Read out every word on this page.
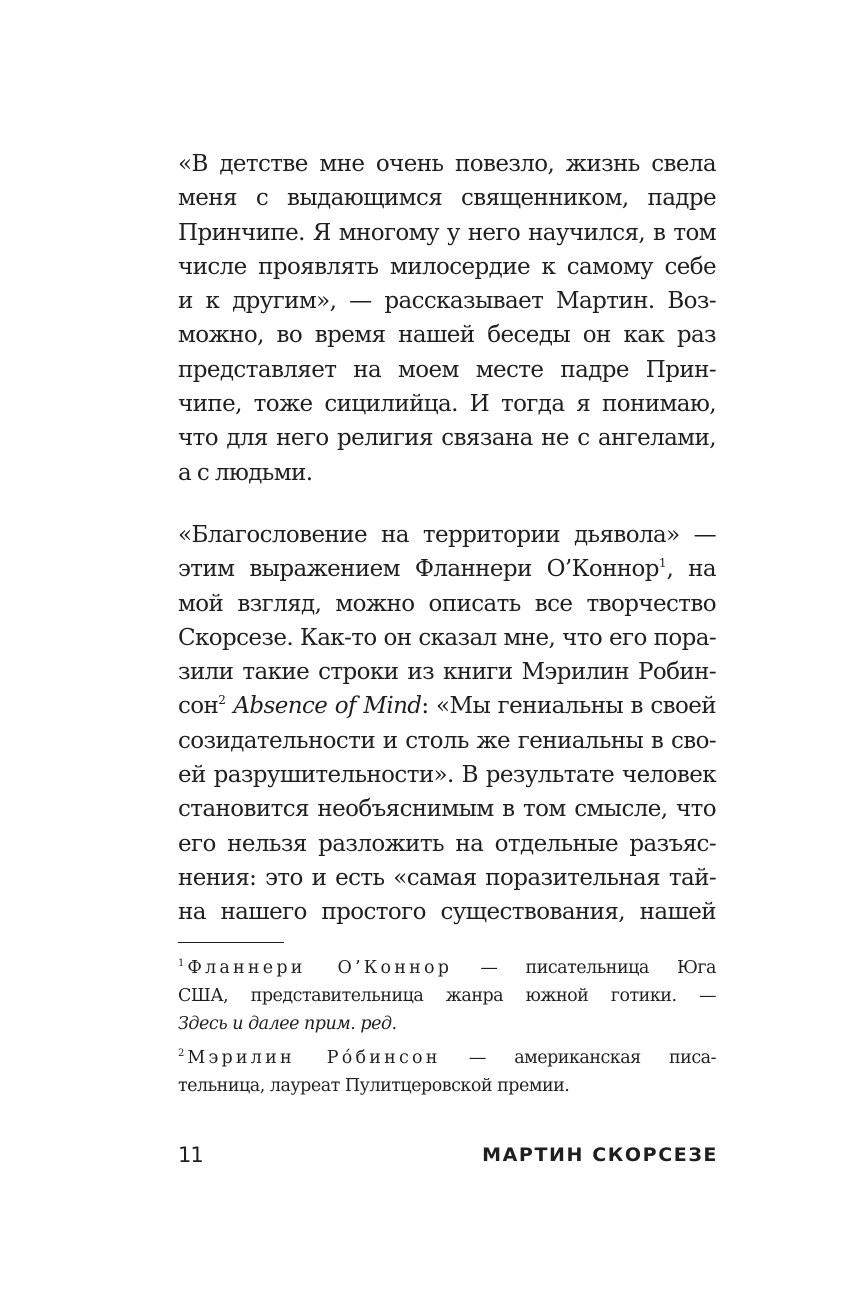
«В детстве мне очень повезло, жизнь свела
меня с выдающимся священником, падре
Принчипе. Я многому у него научился, в том
числе проявлять милосердие к самому себе
и к другим», — рассказывает Мартин. Воз-
можно, во время нашей беседы он как раз
представляет на моем месте падре Прин-
чипе, тоже сицилийца. И тогда я понимаю,
что для него религия связана не с ангелами,
а с людьми.
«Благословение на территории дьявола» —
этим выражением Фланнери О’Коннор$^1$, на
мой взгляд, можно описать все творчество
Скорсезе. Как-то он сказал мне, что его пора-
зили такие строки из книги Мэрилин Робин-
сон$^2$ Absence of Mind: «Мы гениальны в своей
созидательности и столь же гениальны в сво-
ей разрушительности». В результате человек
становится необъяснимым в том смысле, что
его нельзя разложить на отдельные разъяс-
нения: это и есть «самая поразительная тай-
на нашего простого существования, нашей
$^1$ Фланнери О’Коннор — писательница Юга
США, представительница жанра южной готики. —
Здесь и далее прим. ред.
$^2$ Мэрилин Ро́бинсон — американская писа-
тельница, лауреат Пулитцеровской премии.
11	МАРТИН СКОРСЕЗЕ
